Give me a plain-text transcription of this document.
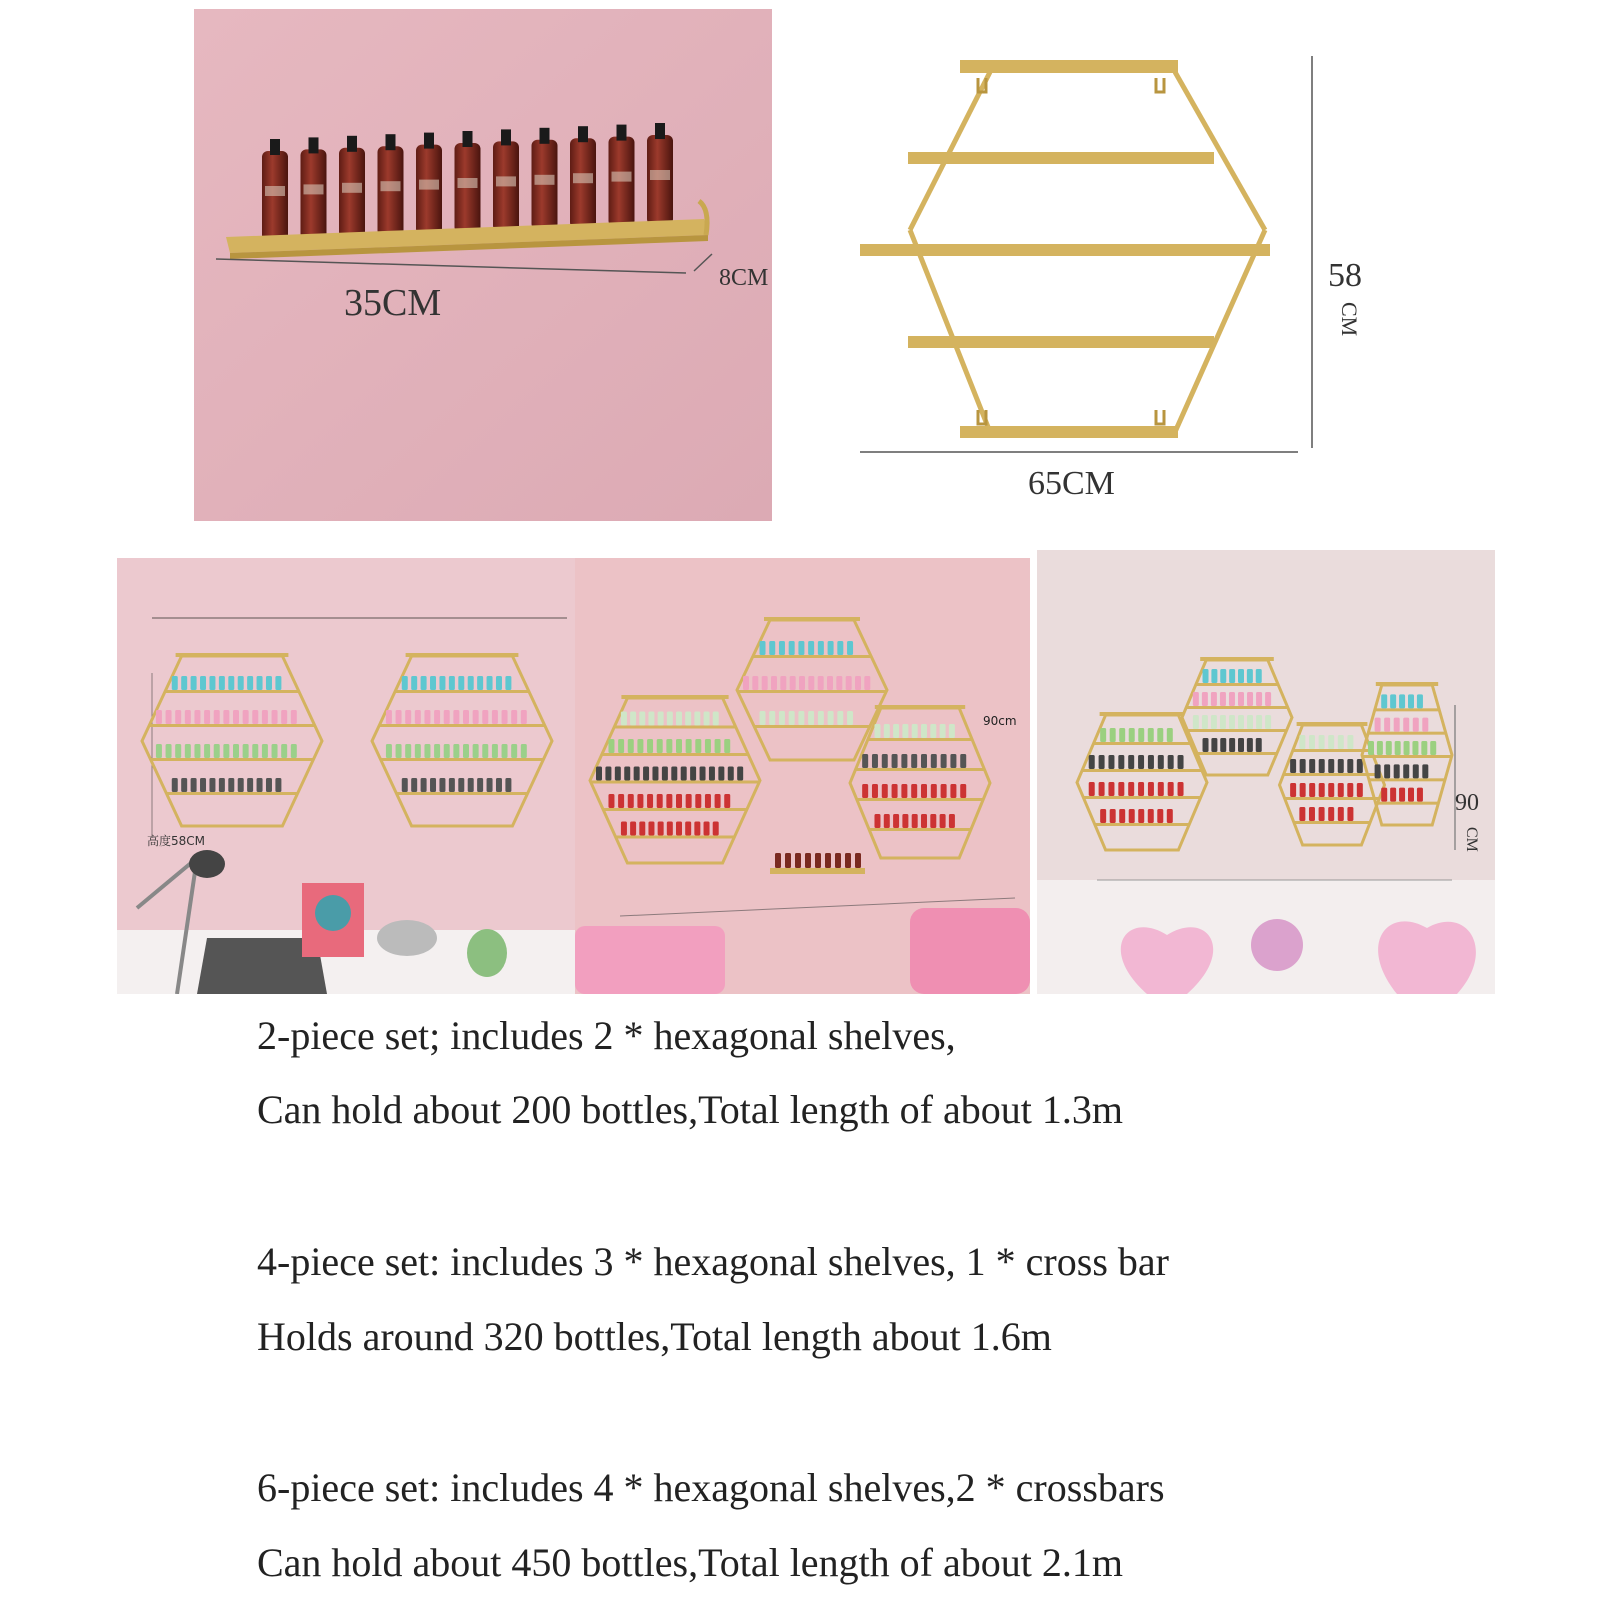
35CM
8CM
65CM
58
CM
高度58CM
90cm
90
CM
2-piece set; includes 2 * hexagonal shelves,
Can hold about 200 bottles,Total length of about 1.3m
4-piece set: includes 3 * hexagonal shelves, 1 * cross bar
Holds around 320 bottles,Total length about 1.6m
6-piece set: includes 4 * hexagonal shelves,2 * crossbars
Can hold about 450 bottles,Total length of about 2.1m
